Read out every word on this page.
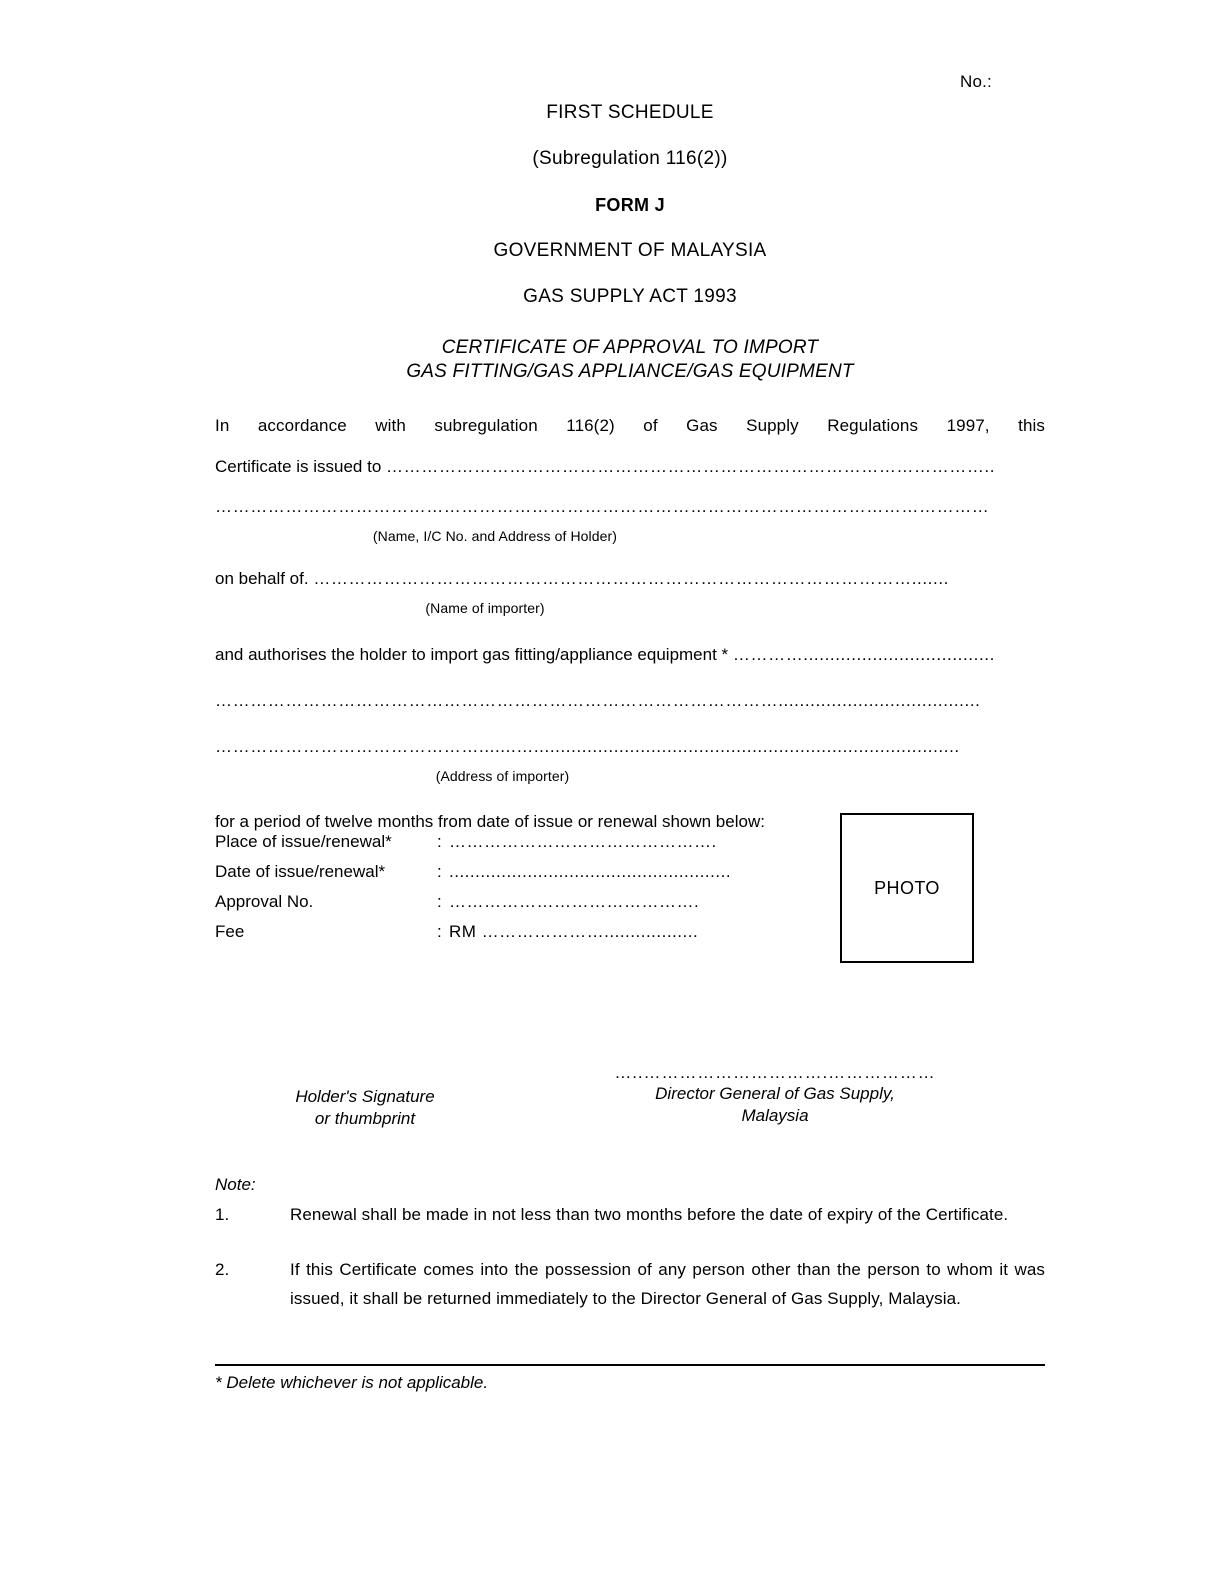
No.:
FIRST SCHEDULE
(Subregulation 116(2))
FORM J
GOVERNMENT OF MALAYSIA
GAS SUPPLY ACT 1993
CERTIFICATE OF APPROVAL TO IMPORT
GAS FITTING/GAS APPLIANCE/GAS EQUIPMENT
In accordance with subregulation 116(2) of Gas Supply Regulations 1997, this
Certificate is issued to …………………………………………………………………………………………..
……………………………………………………………………………………………………………………
(Name, I/C No. and Address of Holder)
on behalf of. ………………………………………………………………………………………….......
(Name of importer)
and authorises the holder to import gas fitting/appliance equipment * …………....................................
……………………………………………………………………………………......................................
……………………………………….......…................................................................................
(Address of importer)
for a period of twelve months from date of issue or renewal shown below:
Place of issue/renewal*	: ……………………………………….
Date of issue/renewal*	: ......................................................
Approval No.	: …………………………………….
Fee	: RM …………………..................
PHOTO
Holder's Signature
or thumbprint
…..………………………….………………
Director General of Gas Supply,
Malaysia
Note:
1.	Renewal shall be made in not less than two months before the date of expiry of the Certificate.
2.	If this Certificate comes into the possession of any person other than the person to whom it was issued, it shall be returned immediately to the Director General of Gas Supply, Malaysia.
* Delete whichever is not applicable.
